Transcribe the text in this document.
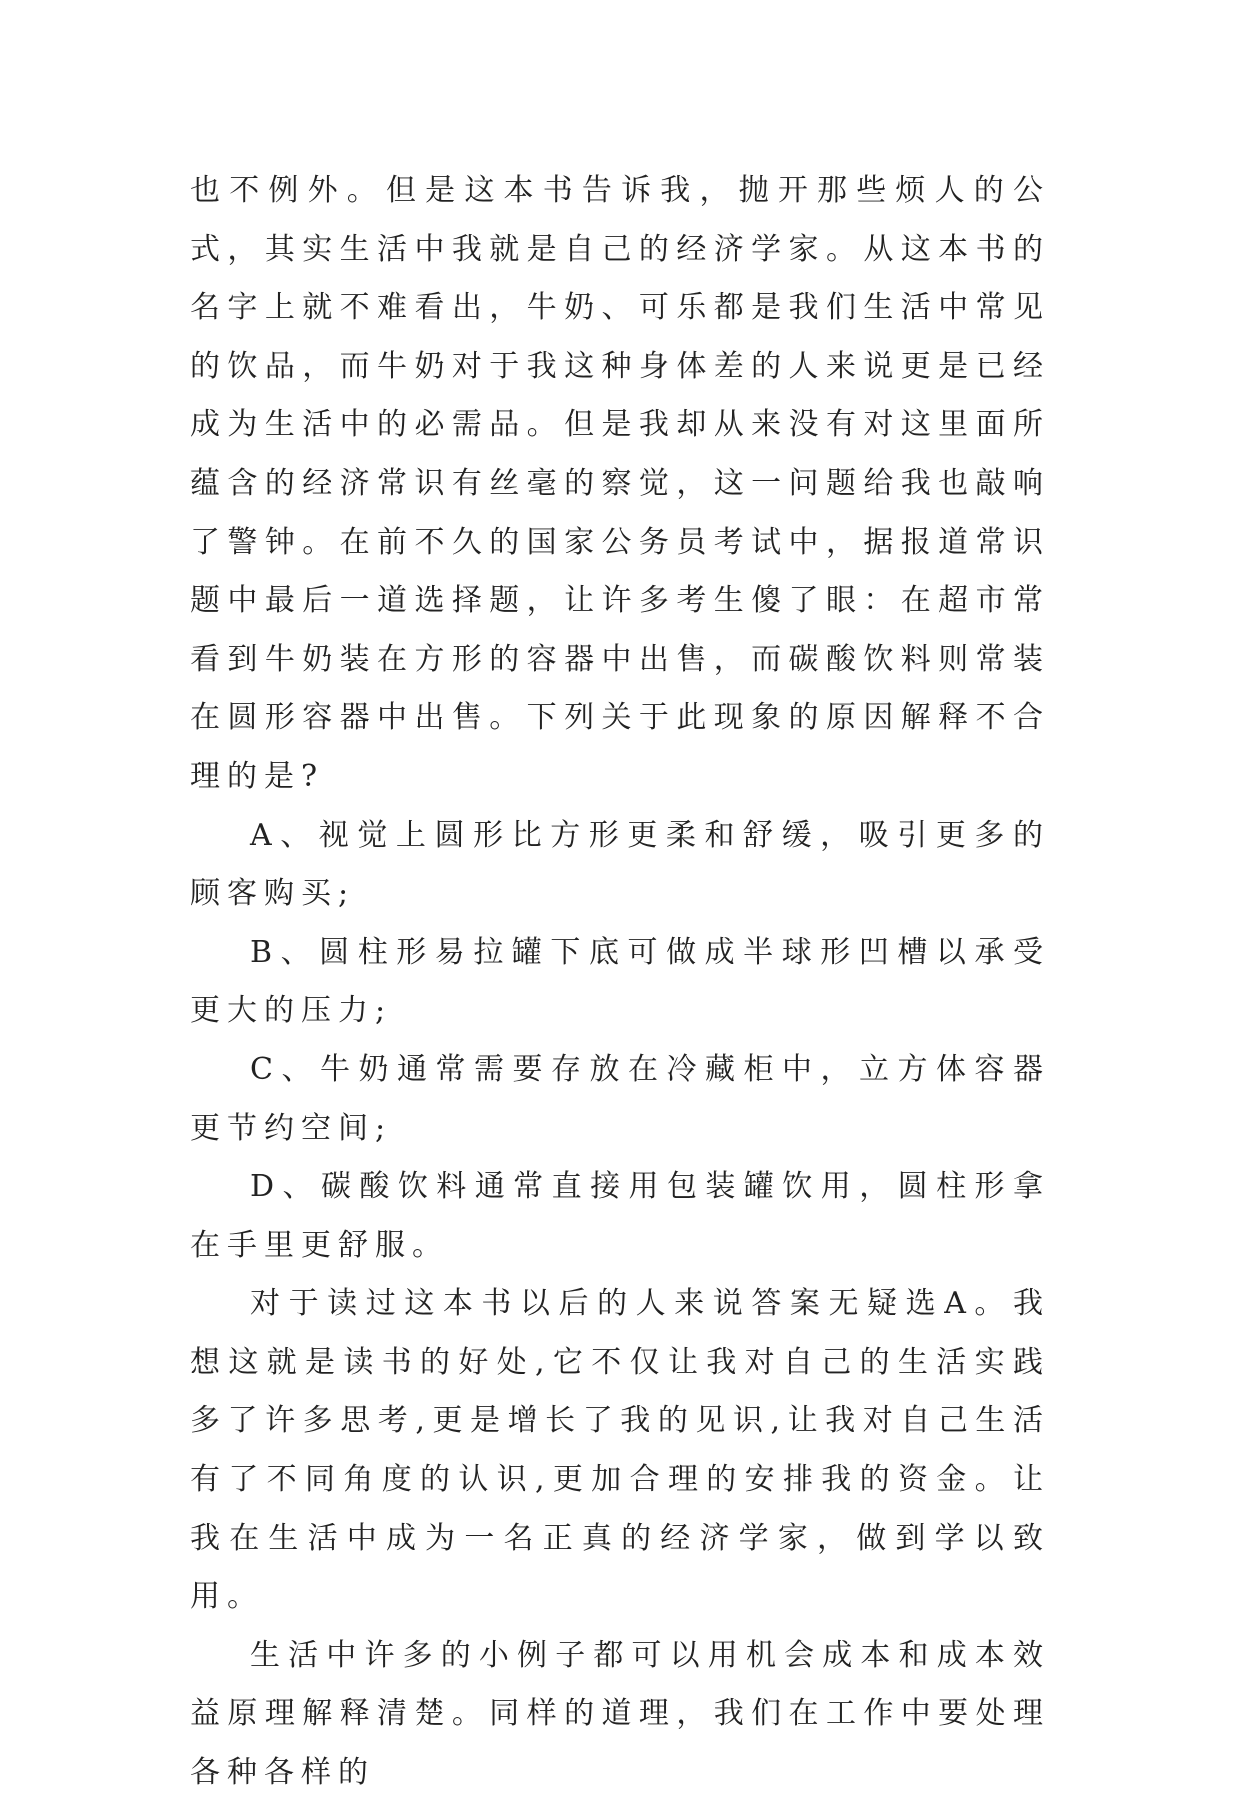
也不例外。但是这本书告诉我，抛开那些烦人的公式，其实生活中我就是自己的经济学家。从这本书的名字上就不难看出，牛奶、可乐都是我们生活中常见的饮品，而牛奶对于我这种身体差的人来说更是已经成为生活中的必需品。但是我却从来没有对这里面所蕴含的经济常识有丝毫的察觉，这一问题给我也敲响了警钟。在前不久的国家公务员考试中，据报道常识题中最后一道选择题，让许多考生傻了眼：在超市常看到牛奶装在方形的容器中出售，而碳酸饮料则常装在圆形容器中出售。下列关于此现象的原因解释不合理的是?

A、视觉上圆形比方形更柔和舒缓，吸引更多的顾客购买;

B、圆柱形易拉罐下底可做成半球形凹槽以承受更大的压力;

C、牛奶通常需要存放在冷藏柜中，立方体容器更节约空间;

D、碳酸饮料通常直接用包装罐饮用，圆柱形拿在手里更舒服。

对于读过这本书以后的人来说答案无疑选A。我想这就是读书的好处,它不仅让我对自己的生活实践多了许多思考,更是增长了我的见识,让我对自己生活有了不同角度的认识,更加合理的安排我的资金。让我在生活中成为一名正真的经济学家，做到学以致用。

生活中许多的小例子都可以用机会成本和成本效益原理解释清楚。同样的道理，我们在工作中要处理各种各样的
